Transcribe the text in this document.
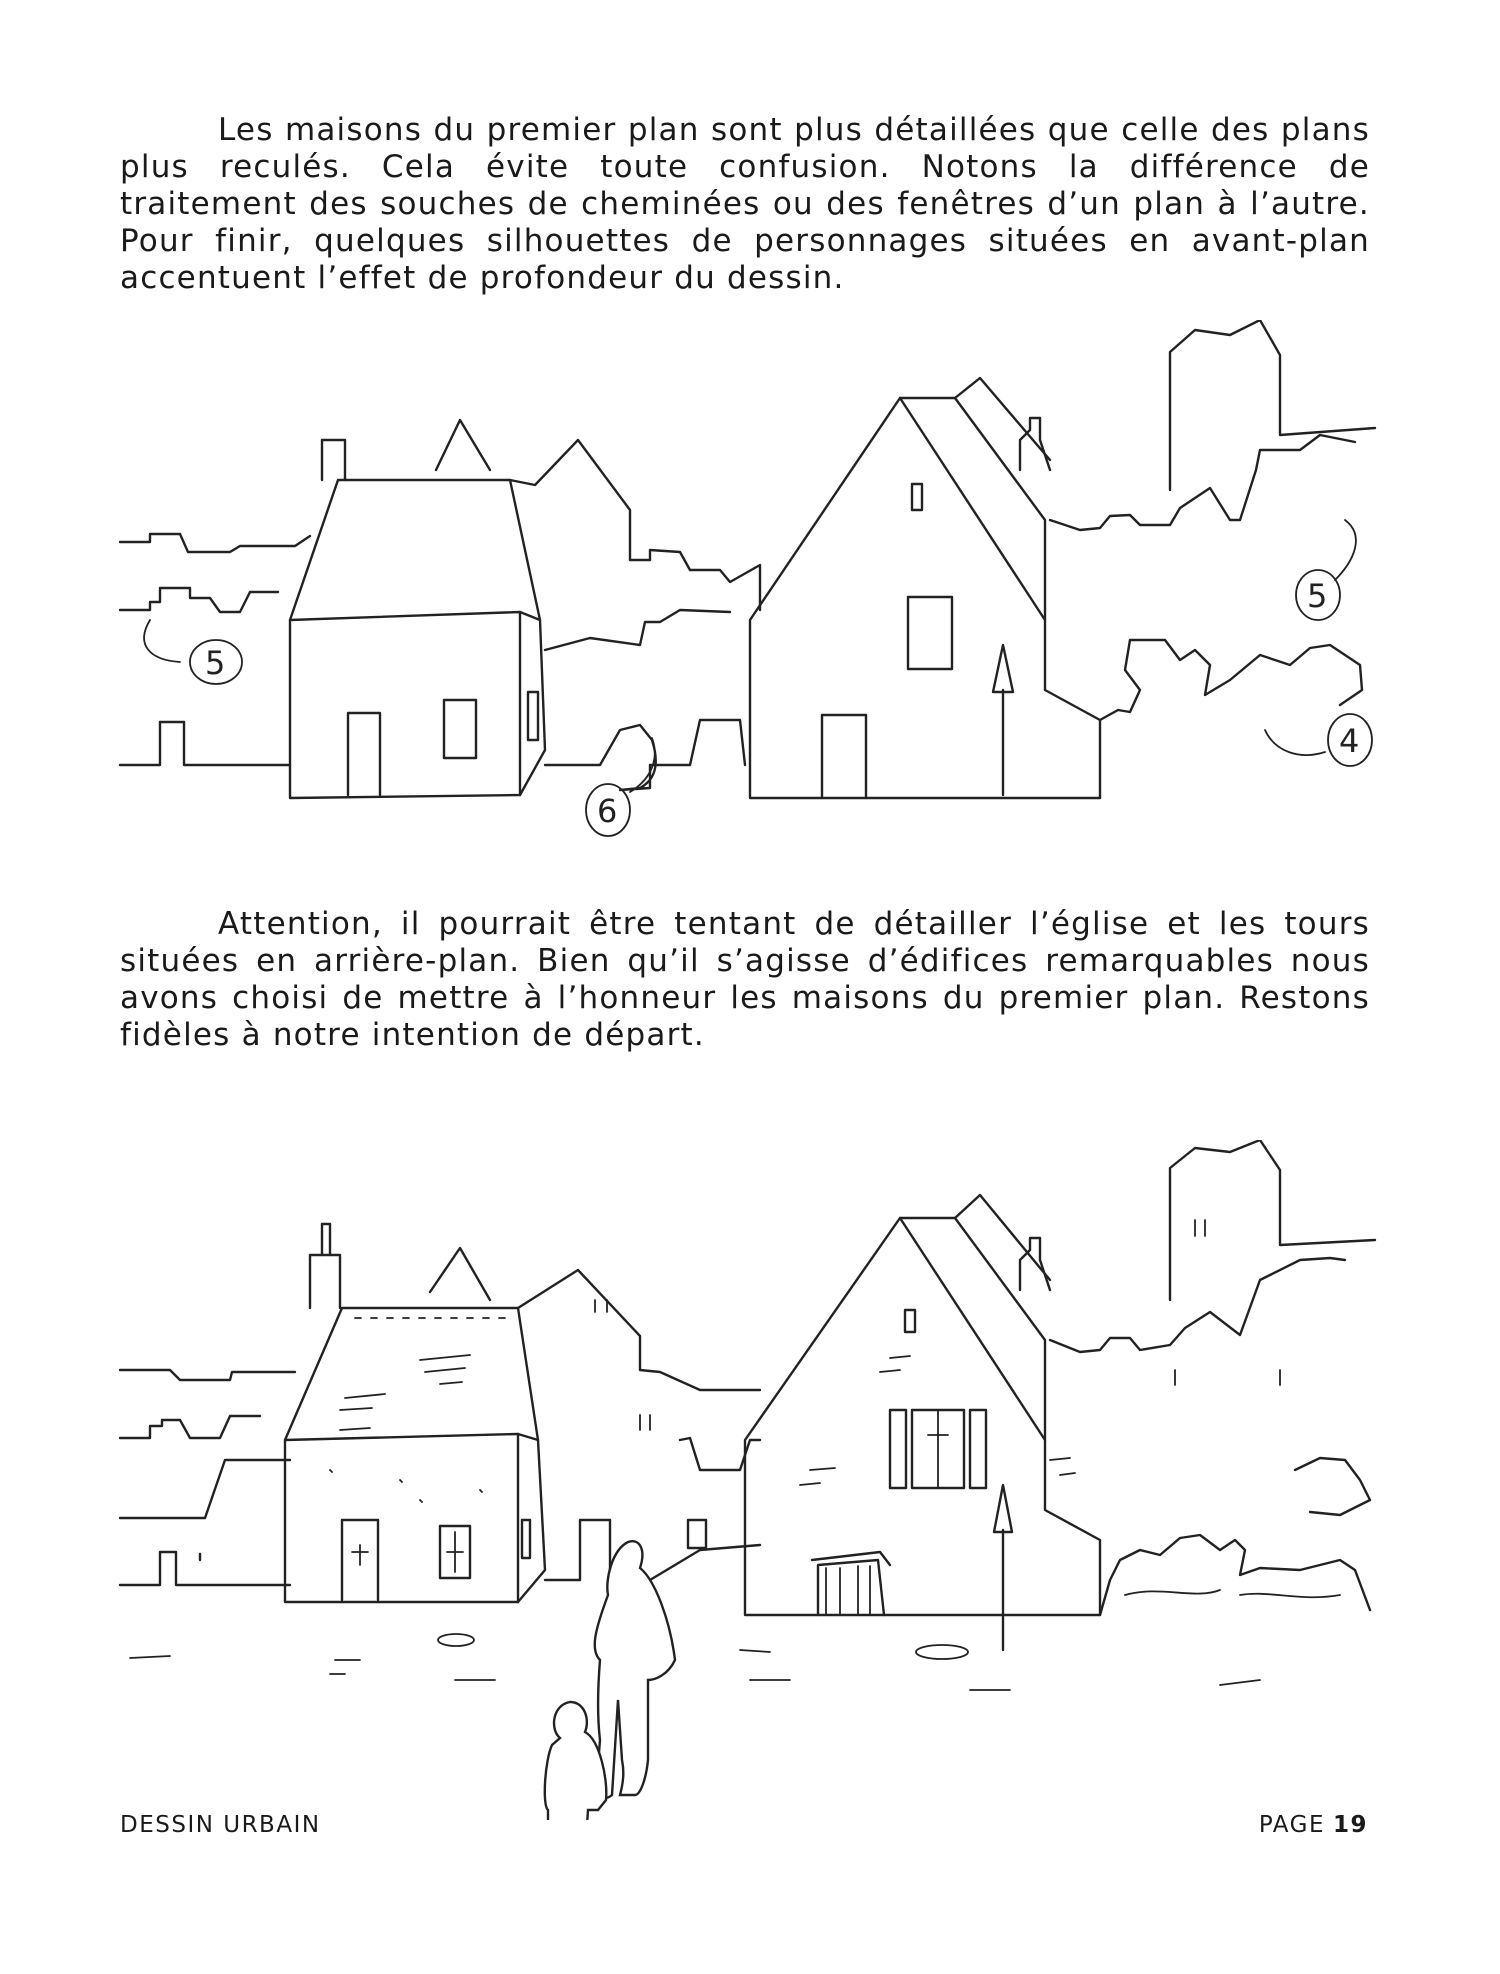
Les maisons du premier plan sont plus détaillées que celle des plans plus reculés. Cela évite toute confusion. Notons la différence de traitement des souches de cheminées ou des fenêtres d’un plan à l’autre. Pour finir, quelques silhouettes de personnages situées en avant-plan accentuent l’effet de profondeur du dessin.

5
5
4
6

Attention, il pourrait être tentant de détailler l’église et les tours situées en arrière-plan. Bien qu’il s’agisse d’édifices remarquables nous avons choisi de mettre à l’honneur les maisons du premier plan. Restons fidèles à notre intention de départ.

DESSIN URBAIN	PAGE 19
